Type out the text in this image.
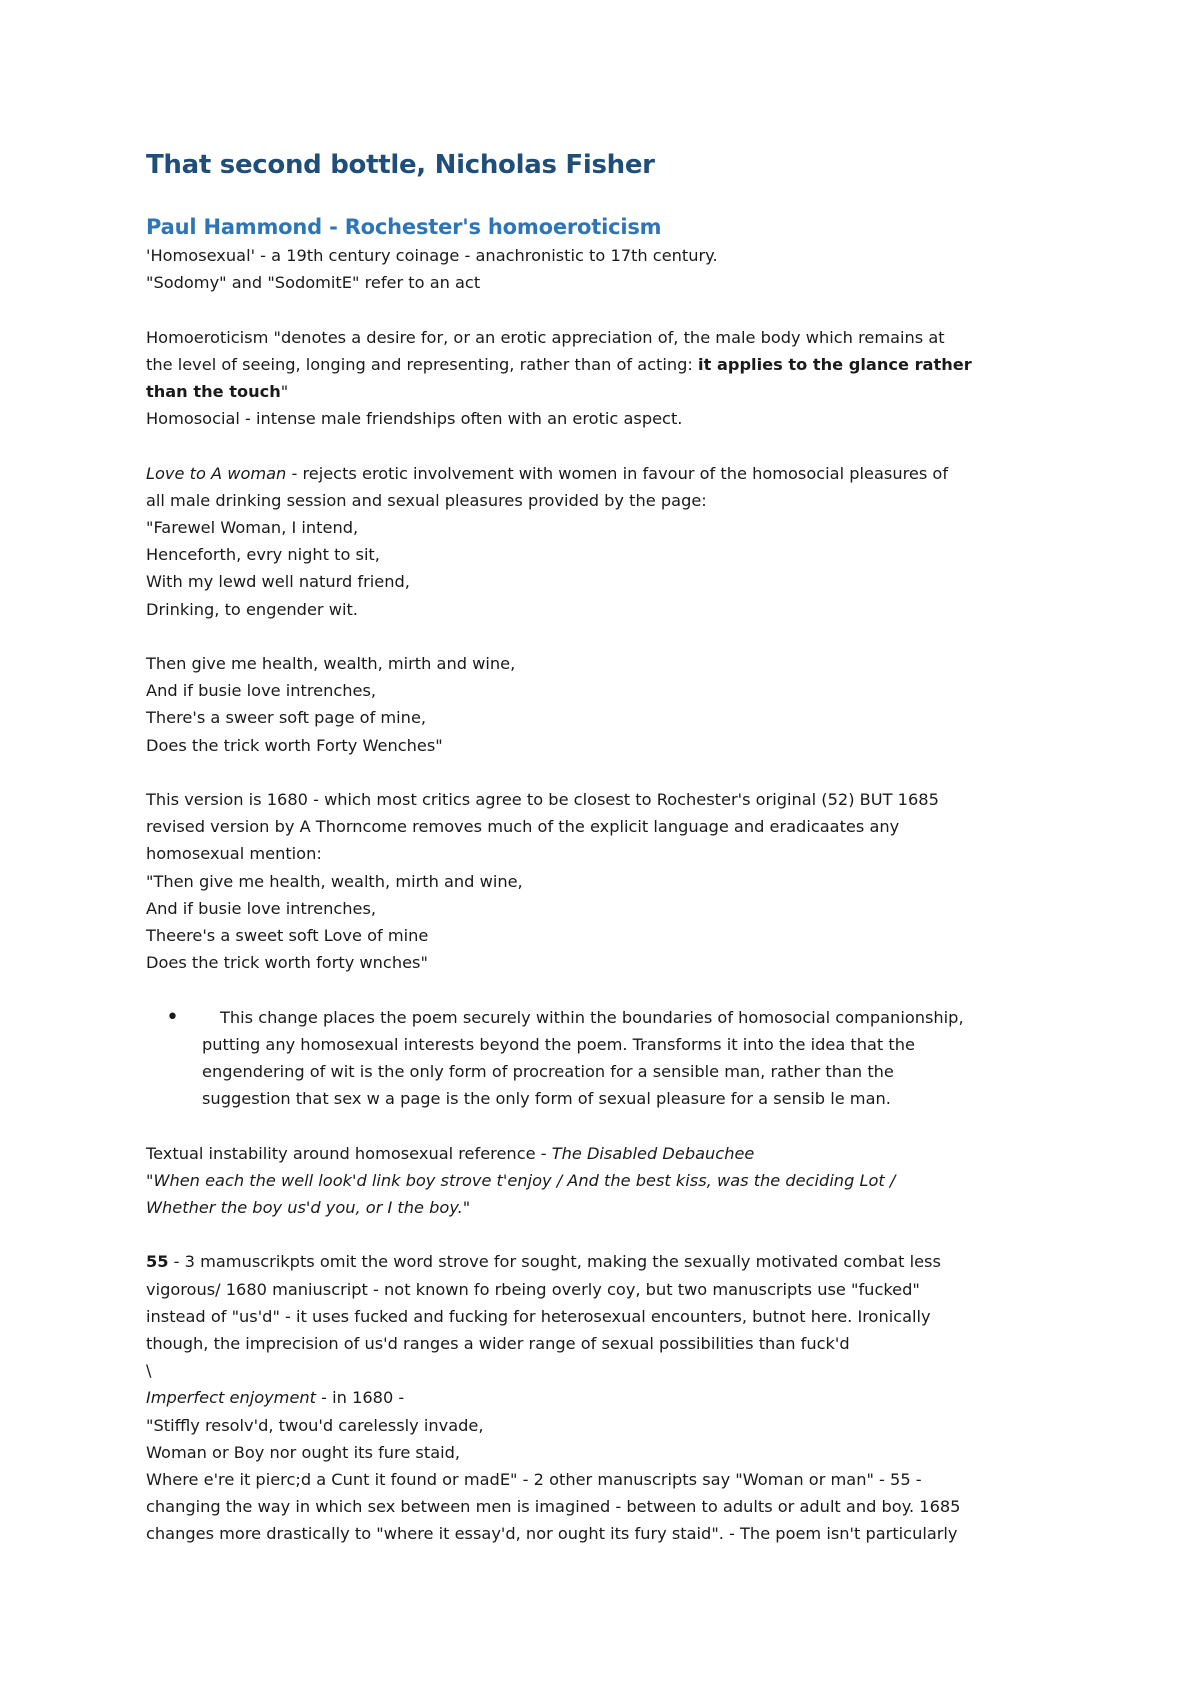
That second bottle, Nicholas Fisher
Paul Hammond - Rochester's homoeroticism

'Homosexual' - a 19th century coinage - anachronistic to 17th century.

"Sodomy" and "SodomitE" refer to an act

Homoeroticism "denotes a desire for, or an erotic appreciation of, the male body which remains at

the level of seeing, longing and representing, rather than of acting: it applies to the glance rather

than the touch"

Homosocial - intense male friendships often with an erotic aspect.

Love to A woman - rejects erotic involvement with women in favour of the homosocial pleasures of

all male drinking session and sexual pleasures provided by the page:

"Farewel Woman, I intend,

Henceforth, evry night to sit,

With my lewd well naturd friend,

Drinking, to engender wit.

Then give me health, wealth, mirth and wine,

And if busie love intrenches,

There's a sweer soft page of mine,

Does the trick worth Forty Wenches"

This version is 1680 - which most critics agree to be closest to Rochester's original (52) BUT 1685

revised version by A Thorncome removes much of the explicit language and eradicaates any

homosexual mention:

"Then give me health, wealth, mirth and wine,

And if busie love intrenches,

Theere's a sweet soft Love of mine

Does the trick worth forty wnches"

•	This change places the poem securely within the boundaries of homosocial companionship,

putting any homosexual interests beyond the poem. Transforms it into the idea that the

engendering of wit is the only form of procreation for a sensible man, rather than the

suggestion that sex w a page is the only form of sexual pleasure for a sensib le man.

Textual instability around homosexual reference - The Disabled Debauchee

"When each the well look'd link boy strove t'enjoy / And the best kiss, was the deciding Lot /

Whether the boy us'd you, or I the boy."

55 - 3 mamuscrikpts omit the word strove for sought, making the sexually motivated combat less

vigorous/ 1680 maniuscript - not known fo rbeing overly coy, but two manuscripts use "fucked"

instead of "us'd" - it uses fucked and fucking for heterosexual encounters, butnot here. Ironically

though, the imprecision of us'd ranges a wider range of sexual possibilities than fuck'd

\

Imperfect enjoyment - in 1680 -

"Stiffly resolv'd, twou'd carelessly invade,

Woman or Boy nor ought its fure staid,

Where e're it pierc;d a Cunt it found or madE" - 2 other manuscripts say "Woman or man" - 55 -

changing the way in which sex between men is imagined - between to adults or adult and boy. 1685

changes more drastically to "where it essay'd, nor ought its fury staid". - The poem isn't particularly
